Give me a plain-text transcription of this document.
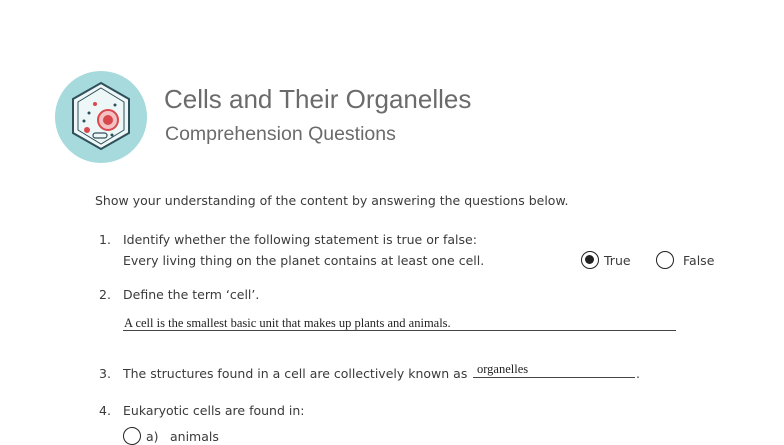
Cells and Their Organelles
Comprehension Questions
Show your understanding of the content by answering the questions below.
1. Identify whether the following statement is true or false:
Every living thing on the planet contains at least one cell.	True	False
2. Define the term ‘cell’.
A cell is the smallest basic unit that makes up plants and animals.
3. The structures found in a cell are collectively known as organelles	.
4. Eukaryotic cells are found in:
a) animals
